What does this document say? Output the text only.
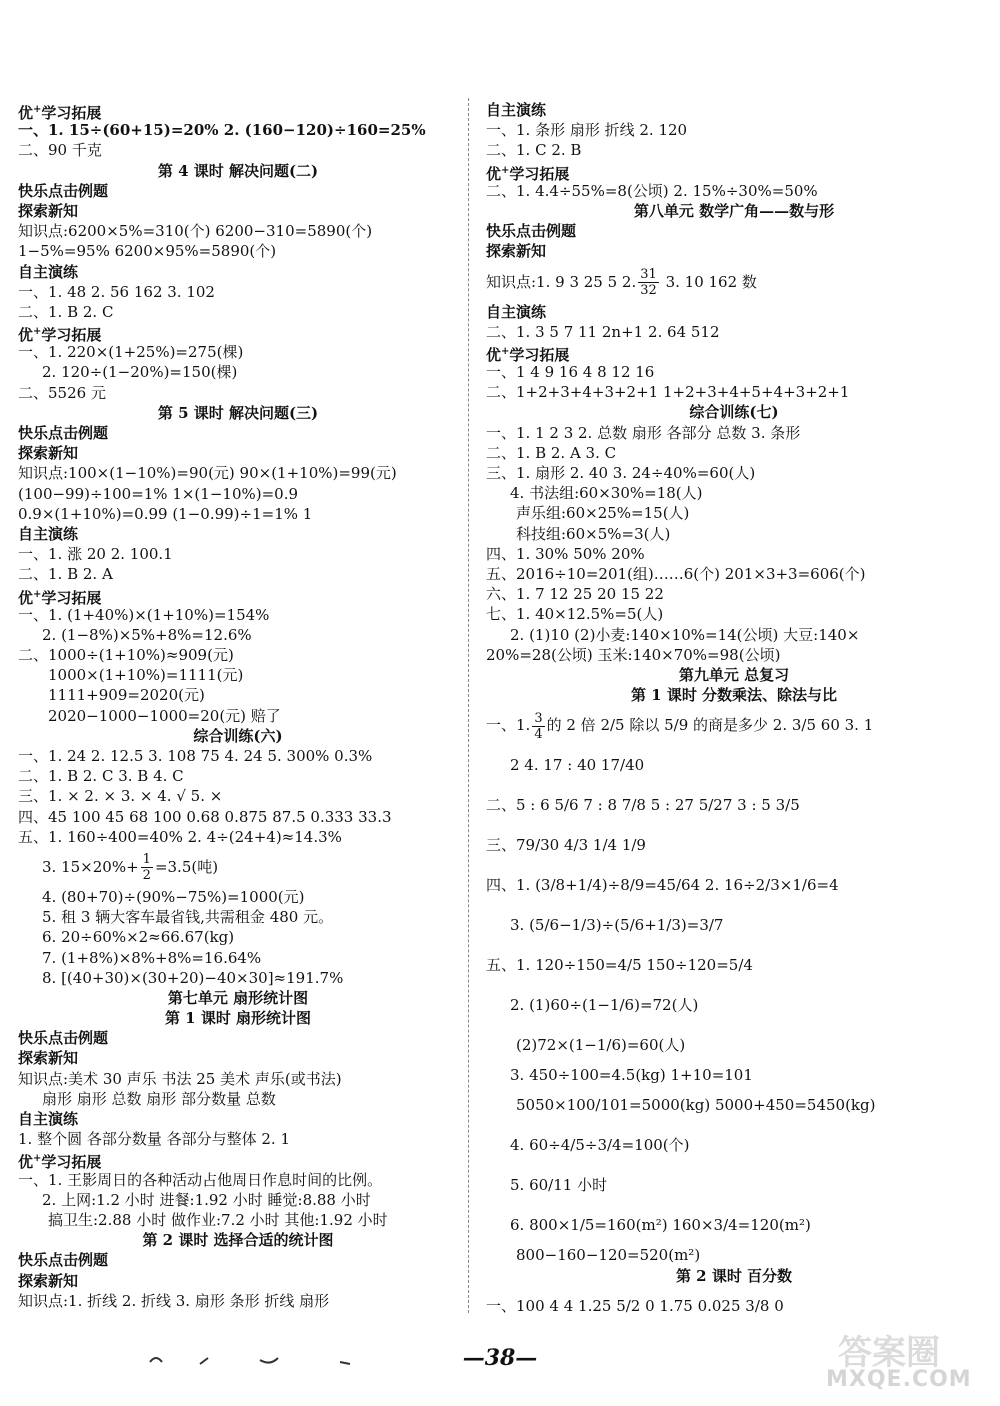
优+学习拓展
一、1. 15÷(60+15)=20% 2. (160−120)÷160=25%
二、90 千克
第 4 课时 解决问题(二)
快乐点击例题
探索新知
知识点:6200×5%=310(个) 6200−310=5890(个)
1−5%=95% 6200×95%=5890(个)
自主演练
一、1. 48 2. 56 162 3. 102
二、1. B 2. C
优+学习拓展
一、1. 220×(1+25%)=275(棵)
2. 120÷(1−20%)=150(棵)
二、5526 元
第 5 课时 解决问题(三)
快乐点击例题
探索新知
知识点:100×(1−10%)=90(元) 90×(1+10%)=99(元)
(100−99)÷100=1% 1×(1−10%)=0.9
0.9×(1+10%)=0.99 (1−0.99)÷1=1% 1
自主演练
一、1. 涨 20 2. 100.1
二、1. B 2. A
优+学习拓展
一、1. (1+40%)×(1+10%)=154%
2. (1−8%)×5%+8%=12.6%
二、1000÷(1+10%)≈909(元)
1000×(1+10%)=1111(元)
1111+909=2020(元)
2020−1000−1000=20(元) 赔了
综合训练(六)
一、1. 24 2. 12.5 3. 108 75 4. 24 5. 300% 0.3%
二、1. B 2. C 3. B 4. C
三、1. × 2. × 3. × 4. √ 5. ×
四、45 100 45 68 100 0.68 0.875 87.5 0.333 33.3
五、1. 160÷400=40% 2. 4÷(24+4)≈14.3%
3. $15\times 20\%+ \frac{1}{2} =3.5$(吨)
4. (80+70)÷(90%−75%)=1000(元)
5. 租 3 辆大客车最省钱,共需租金 480 元。
6. 20÷60%×2≈66.67(kg)
7. (1+8%)×8%+8%=16.64%
8. [(40+30)×(30+20)−40×30]≈191.7%
第七单元 扇形统计图
第 1 课时 扇形统计图
快乐点击例题
探索新知
知识点:美术 30 声乐 书法 25 美术 声乐(或书法)
扇形 扇形 总数 扇形 部分数量 总数
自主演练
1. 整个圆 各部分数量 各部分与整体 2. 1
优+学习拓展
一、1. 王影周日的各种活动占他周日作息时间的比例。
2. 上网:1.2 小时 进餐:1.92 小时 睡觉:8.88 小时
搞卫生:2.88 小时 做作业:7.2 小时 其他:1.92 小时
第 2 课时 选择合适的统计图
快乐点击例题
探索新知
知识点:1. 折线 2. 折线 3. 扇形 条形 折线 扇形
自主演练
一、1. 条形 扇形 折线 2. 120
二、1. C 2. B
优+学习拓展
二、1. 4.4÷55%=8(公顷) 2. 15%÷30%=50%
第八单元 数学广角——数与形
快乐点击例题
探索新知
知识点:1. 9 3 25 5 2. $\frac{31}{32} 3$. 10 162 数
自主演练
二、1. 3 5 7 11 2n+1 2. 64 512
优+学习拓展
一、1 4 9 16 4 8 12 16
二、1+2+3+4+3+2+1 1+2+3+4+5+4+3+2+1
综合训练(七)
一、1. 1 2 3 2. 总数 扇形 各部分 总数 3. 条形
二、1. B 2. A 3. C
三、1. 扇形 2. 40 3. 24÷40%=60(人)
4. 书法组:60×30%=18(人)
声乐组:60×25%=15(人)
科技组:60×5%=3(人)
四、1. 30% 50% 20%
五、2016÷10=201(组)……6(个) 201×3+3=606(个)
六、1. 7 12 25 20 15 22
七、1. 40×12.5%=5(人)
2. (1)10 (2)小麦:140×10%=14(公顷) 大豆:140×
20%=28(公顷) 玉米:140×70%=98(公顷)
第九单元 总复习
第 1 课时 分数乘法、除法与比
一、1. $\frac{3}{4}$ 的 2 倍 2/5 除以 5/9 的商是多少 2. 3/5 60 3. 1
2 4. 17 : 40 17/40
二、5 : 6 5/6 7 : 8 7/8 5 : 27 5/27 3 : 5 3/5
三、79/30 4/3 1/4 1/9
四、1. (3/8+1/4)÷8/9=45/64 2. 16÷2/3×1/6=4
3. (5/6−1/3)÷(5/6+1/3)=3/7
五、1. 120÷150=4/5 150÷120=5/4
2. (1)60÷(1−1/6)=72(人)
(2)72×(1−1/6)=60(人)
3. 450÷100=4.5(kg) 1+10=101
5050×100/101=5000(kg) 5000+450=5450(kg)
4. 60÷4/5÷3/4=100(个)
5. 60/11 小时
6. 800×1/5=160(m²) 160×3/4=120(m²)
800−160−120=520(m²)
第 2 课时 百分数
一、100 4 4 1.25 5/2 0 1.75 0.025 3/8 0
—38—	答案圈
MXQE.COM
